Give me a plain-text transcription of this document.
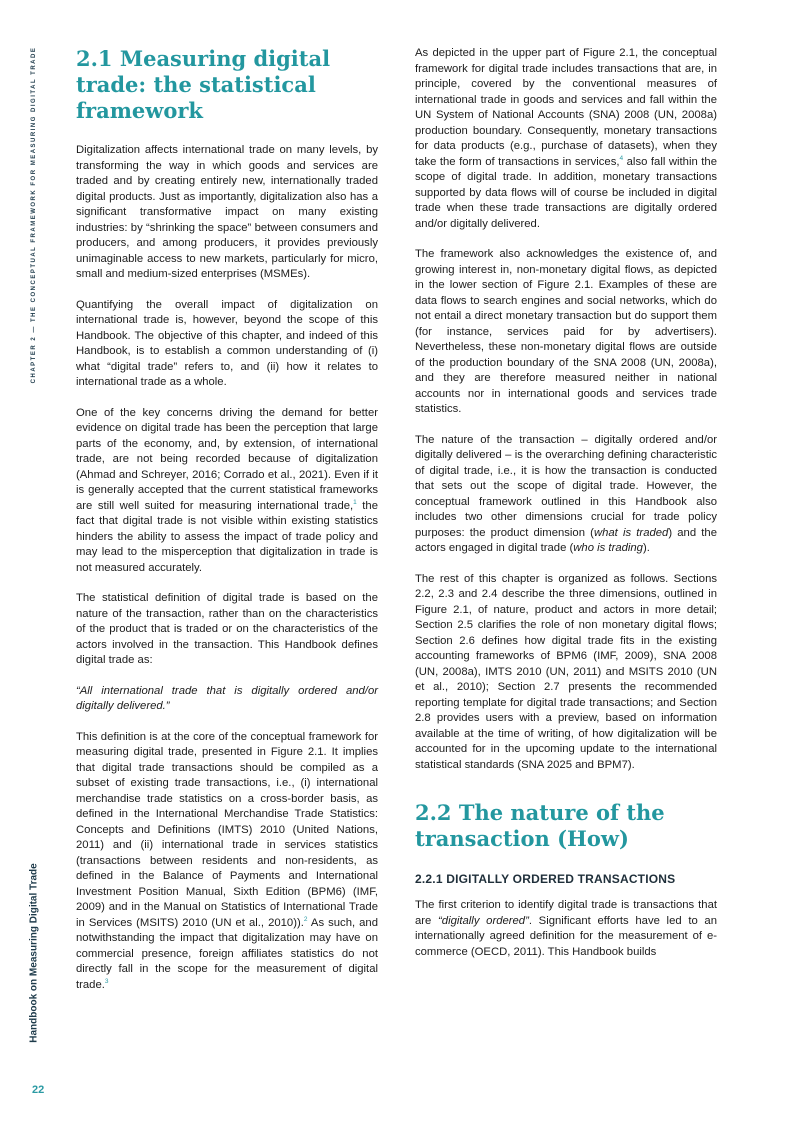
CHAPTER 2 — THE CONCEPTUAL FRAMEWORK FOR MEASURING DIGITAL TRADE
Handbook on Measuring Digital Trade
22
2.1 Measuring digital trade: the statistical framework

Digitalization affects international trade on many levels, by transforming the way in which goods and services are traded and by creating entirely new, internationally traded digital products. Just as importantly, digitalization also has a significant transformative impact on many existing industries: by “shrinking the space” between consumers and producers, and among producers, it provides previously unimaginable access to new markets, particularly for micro, small and medium-sized enterprises (MSMEs).

Quantifying the overall impact of digitalization on international trade is, however, beyond the scope of this Handbook. The objective of this chapter, and indeed of this Handbook, is to establish a common understanding of (i) what “digital trade” refers to, and (ii) how it relates to international trade as a whole.

One of the key concerns driving the demand for better evidence on digital trade has been the perception that large parts of the economy, and, by extension, of international trade, are not being recorded because of digitalization (Ahmad and Schreyer, 2016; Corrado et al., 2021). Even if it is generally accepted that the current statistical frameworks are still well suited for measuring international trade,$^1$ the fact that digital trade is not visible within existing statistics hinders the ability to assess the impact of trade policy and may lead to the misperception that digitalization in trade is not measured accurately.

The statistical definition of digital trade is based on the nature of the transaction, rather than on the characteristics of the product that is traded or on the characteristics of the actors involved in the transaction. This Handbook defines digital trade as:

“All international trade that is digitally ordered and/or digitally delivered.”

This definition is at the core of the conceptual framework for measuring digital trade, presented in Figure 2.1. It implies that digital trade transactions should be compiled as a subset of existing trade transactions, i.e., (i) international merchandise trade statistics on a cross-border basis, as defined in the International Merchandise Trade Statistics: Concepts and Definitions (IMTS) 2010 (United Nations, 2011) and (ii) international trade in services statistics (transactions between residents and non-residents, as defined in the Balance of Payments and International Investment Position Manual, Sixth Edition (BPM6) (IMF, 2009) and in the Manual on Statistics of International Trade in Services (MSITS) 2010 (UN et al., 2010)).$^2$ As such, and notwithstanding the impact that digitalization may have on commercial presence, foreign affiliates statistics do not directly fall in the scope for the measurement of digital trade.$^3$

As depicted in the upper part of Figure 2.1, the conceptual framework for digital trade includes transactions that are, in principle, covered by the conventional measures of international trade in goods and services and fall within the UN System of National Accounts (SNA) 2008 (UN, 2008a) production boundary. Consequently, monetary transactions for data products (e.g., purchase of datasets), when they take the form of transactions in services,$^4$ also fall within the scope of digital trade. In addition, monetary transactions supported by data flows will of course be included in digital trade when these trade transactions are digitally ordered and/or digitally delivered.

The framework also acknowledges the existence of, and growing interest in, non-monetary digital flows, as depicted in the lower section of Figure 2.1. Examples of these are data flows to search engines and social networks, which do not entail a direct monetary transaction but do support them (for instance, services paid for by advertisers). Nevertheless, these non-monetary digital flows are outside of the production boundary of the SNA 2008 (UN, 2008a), and they are therefore measured neither in national accounts nor in international goods and services trade statistics.

The nature of the transaction – digitally ordered and/or digitally delivered – is the overarching defining characteristic of digital trade, i.e., it is how the transaction is conducted that sets out the scope of digital trade. However, the conceptual framework outlined in this Handbook also includes two other dimensions crucial for trade policy purposes: the product dimension (what is traded) and the actors engaged in digital trade (who is trading).

The rest of this chapter is organized as follows. Sections 2.2, 2.3 and 2.4 describe the three dimensions, outlined in Figure 2.1, of nature, product and actors in more detail; Section 2.5 clarifies the role of non monetary digital flows; Section 2.6 defines how digital trade fits in the existing accounting frameworks of BPM6 (IMF, 2009), SNA 2008 (UN, 2008a), IMTS 2010 (UN, 2011) and MSITS 2010 (UN et al., 2010); Section 2.7 presents the recommended reporting template for digital trade transactions; and Section 2.8 provides users with a preview, based on information available at the time of writing, of how digitalization will be accounted for in the upcoming update to the international statistical standards (SNA 2025 and BPM7).

2.2 The nature of the transaction (How)
2.2.1 DIGITALLY ORDERED TRANSACTIONS

The first criterion to identify digital trade is transactions that are “digitally ordered”. Significant efforts have led to an internationally agreed definition for the measurement of e-commerce (OECD, 2011). This Handbook builds
